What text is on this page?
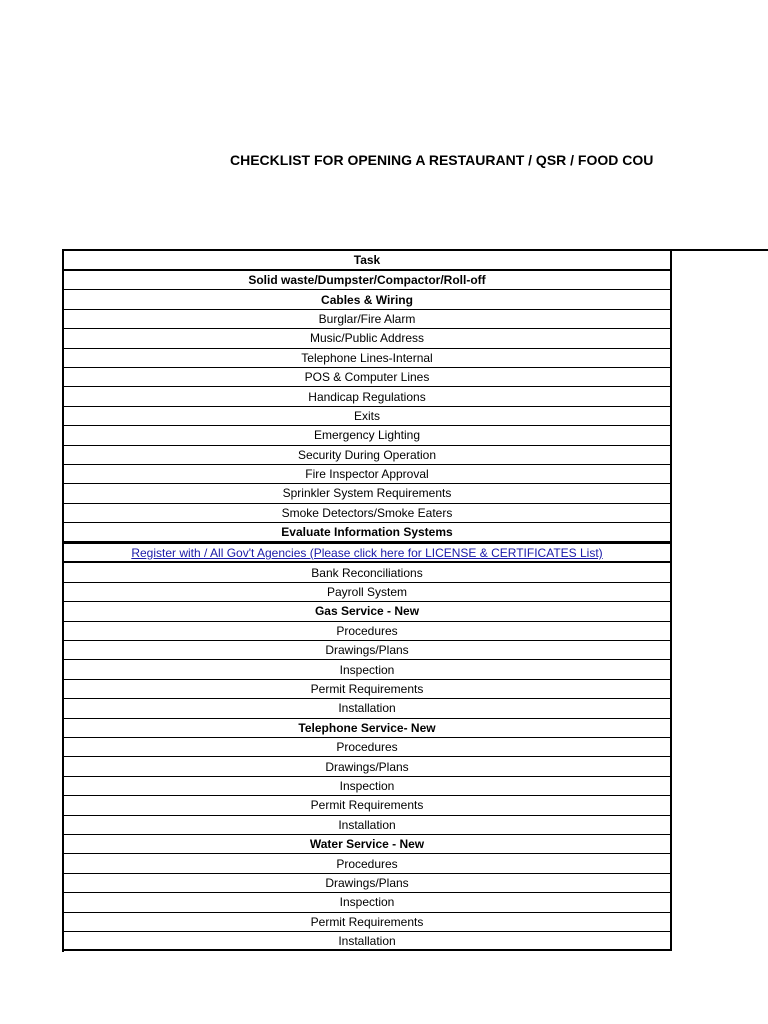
CHECKLIST FOR OPENING A RESTAURANT / QSR / FOOD COU
Task
Solid waste/Dumpster/Compactor/Roll-off
Cables & Wiring
Burglar/Fire Alarm
Music/Public Address
Telephone Lines-Internal
POS & Computer Lines
Handicap Regulations
Exits
Emergency Lighting
Security During Operation
Fire Inspector Approval
Sprinkler System Requirements
Smoke Detectors/Smoke Eaters
Evaluate Information Systems
Register with / All Gov't Agencies (Please click here for LICENSE & CERTIFICATES List)
Bank Reconciliations
Payroll System
Gas Service - New
Procedures
Drawings/Plans
Inspection
Permit Requirements
Installation
Telephone Service- New
Procedures
Drawings/Plans
Inspection
Permit Requirements
Installation
Water Service - New
Procedures
Drawings/Plans
Inspection
Permit Requirements
Installation
